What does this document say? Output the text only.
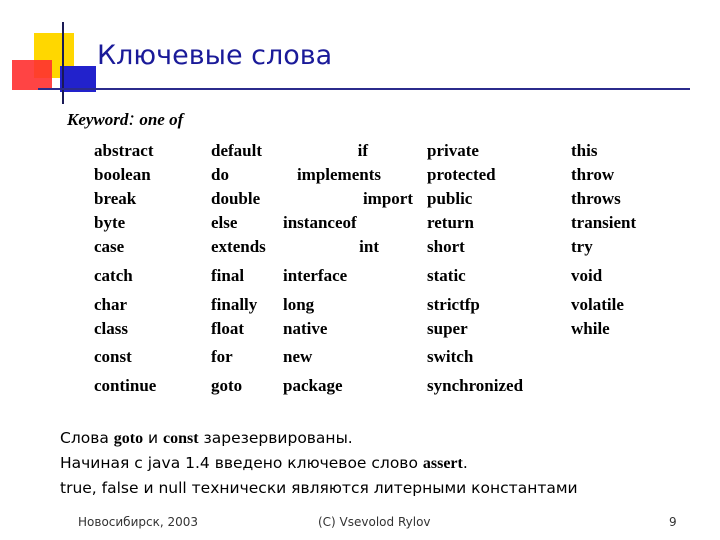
Ключевые слова
Keyword: one of
abstract
boolean
break
byte
case
catch
char
class
const
continue
default
do
double
else
extends
final
finally
float
for
goto
if
implements
import
instanceof
int
interface
long
native
new
package
private
protected
public
return
short
static
strictfp
super
switch
synchronized
this
throw
throws
transient
try
void
volatile
while
Слова goto и const зарезервированы.
Начиная с java 1.4 введено ключевое слово assert.
true, false и null технически являются литерными константами
Новосибирск, 2003	(C) Vsevolod Rylov	9
